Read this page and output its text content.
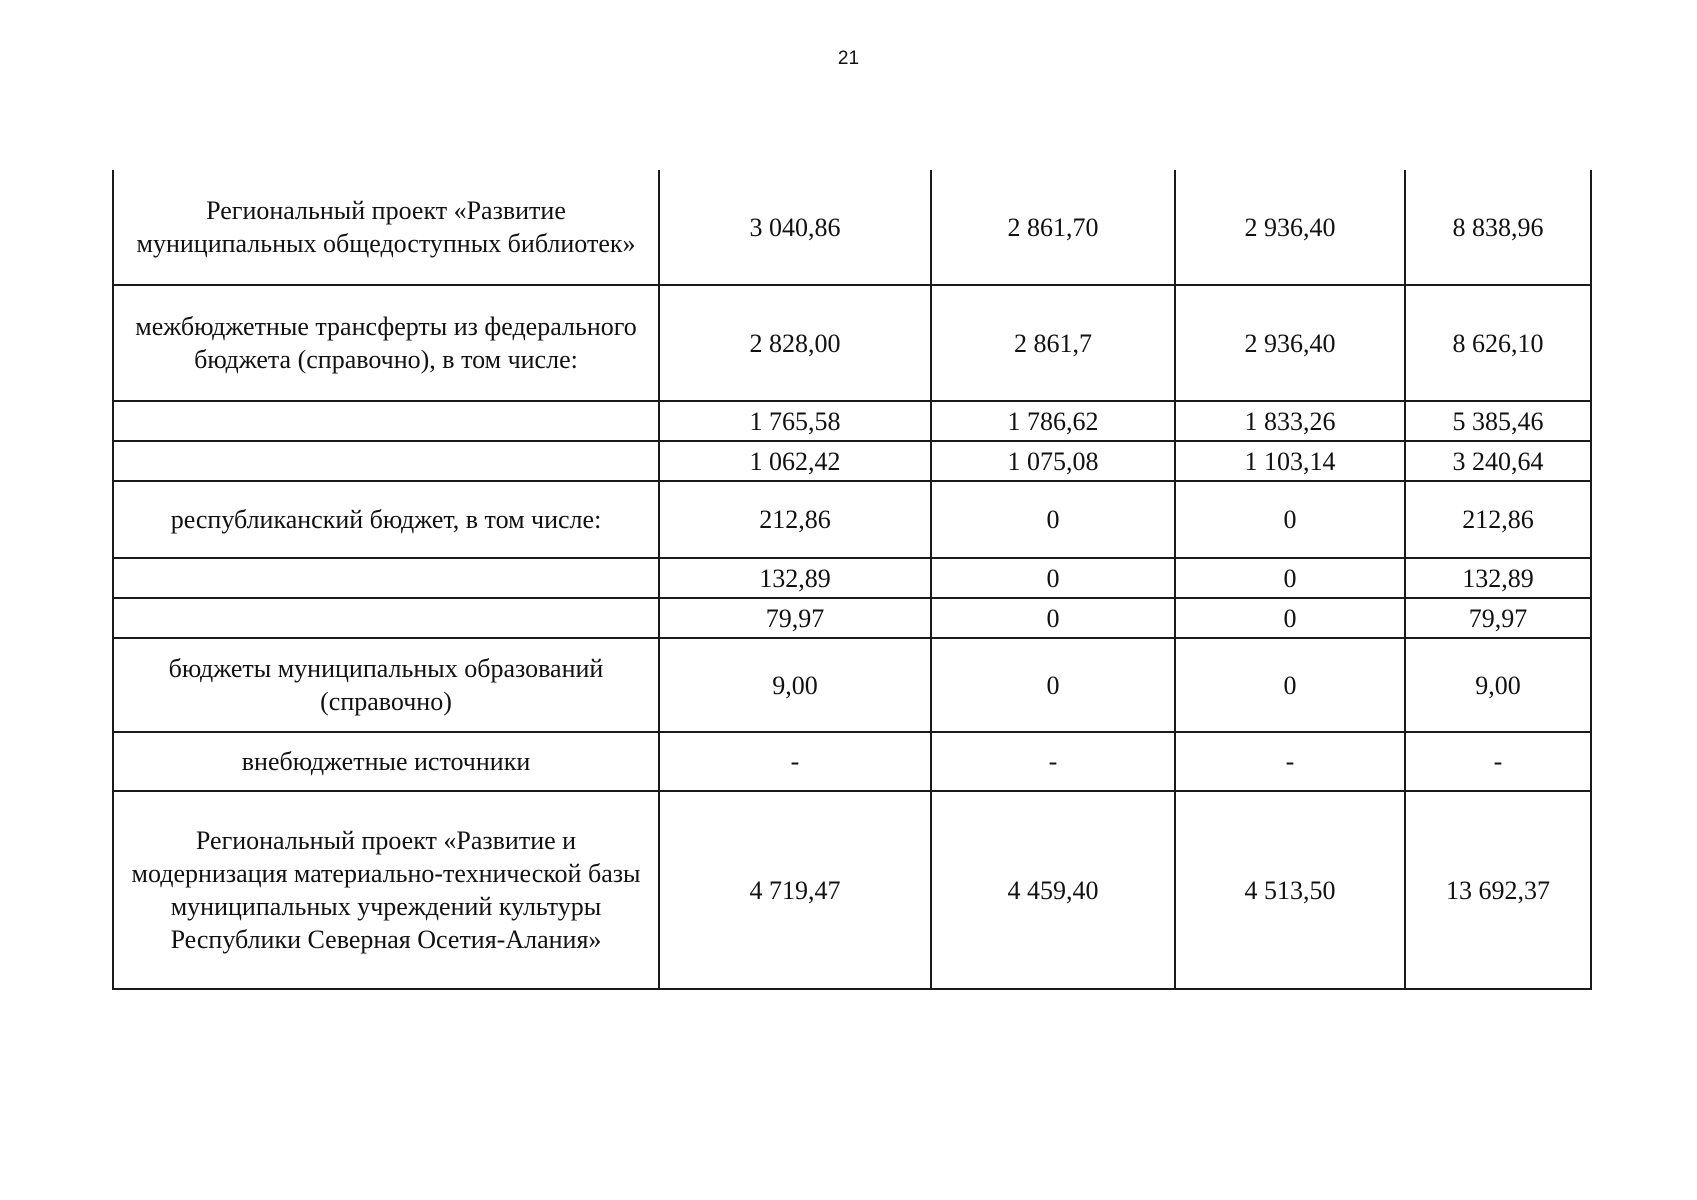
21
Региональный проект «Развитие муниципальных общедоступных библиотек»	3 040,86	2 861,70	2 936,40	8 838,96
межбюджетные трансферты из федерального бюджета (справочно), в том числе:	2 828,00	2 861,7	2 936,40	8 626,10
	1 765,58	1 786,62	1 833,26	5 385,46
	1 062,42	1 075,08	1 103,14	3 240,64
республиканский бюджет, в том числе:	212,86	0	0	212,86
	132,89	0	0	132,89
	79,97	0	0	79,97
бюджеты муниципальных образований (справочно)	9,00	0	0	9,00
внебюджетные источники	-	-	-	-
Региональный проект «Развитие и модернизация материально-технической базы муниципальных учреждений культуры Республики Северная Осетия-Алания»	4 719,47	4 459,40	4 513,50	13 692,37
